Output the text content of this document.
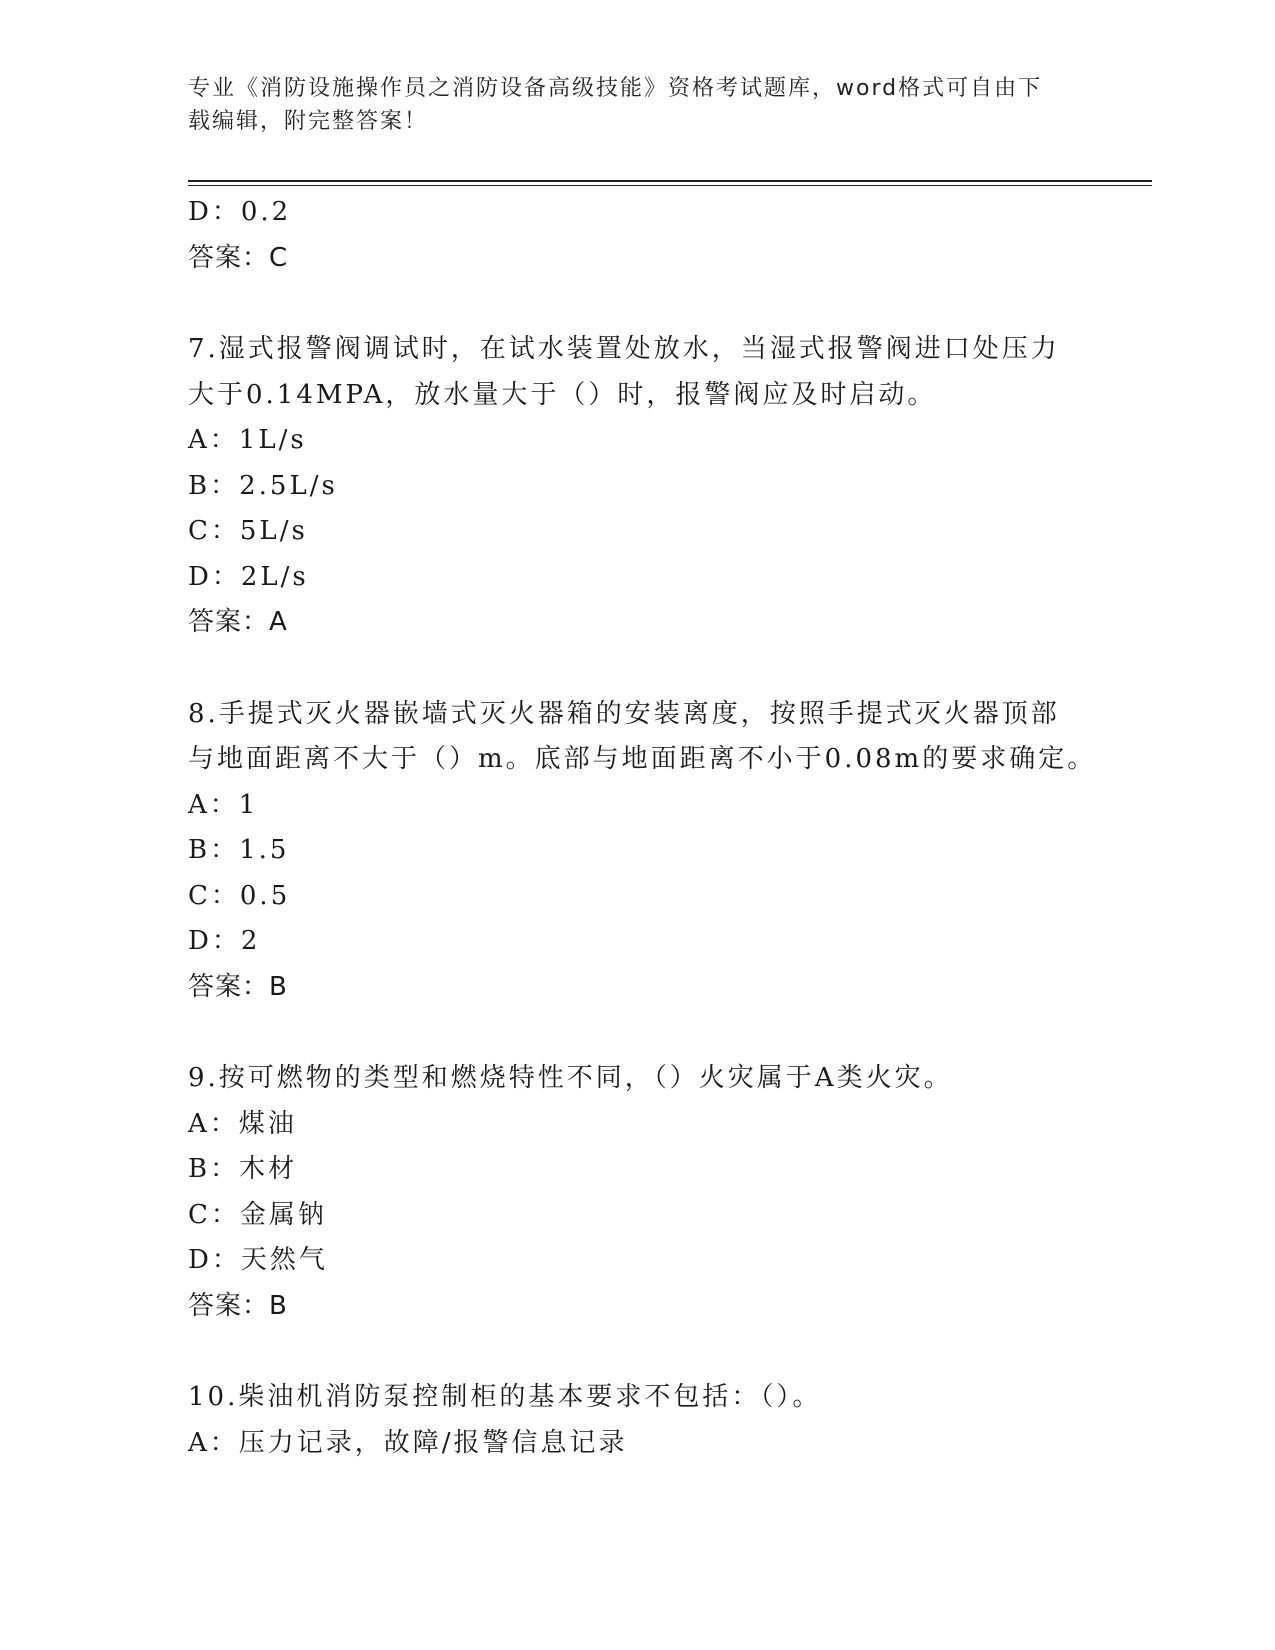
专业《消防设施操作员之消防设备高级技能》资格考试题库，word格式可自由下
载编辑，附完整答案！
D：0.2
答案：C
7.湿式报警阀调试时，在试水装置处放水，当湿式报警阀进口处压力
大于0.14MPA，放水量大于（）时，报警阀应及时启动。
A：1L/s
B：2.5L/s
C：5L/s
D：2L/s
答案：A
8.手提式灭火器嵌墙式灭火器箱的安装离度，按照手提式灭火器顶部
与地面距离不大于（）m。底部与地面距离不小于0.08m的要求确定。
A：1
B：1.5
C：0.5
D：2
答案：B
9.按可燃物的类型和燃烧特性不同，（）火灾属于A类火灾。
A：煤油
B：木材
C：金属钠
D：天然气
答案：B
10.柴油机消防泵控制柜的基本要求不包括：（）。
A：压力记录，故障/报警信息记录
